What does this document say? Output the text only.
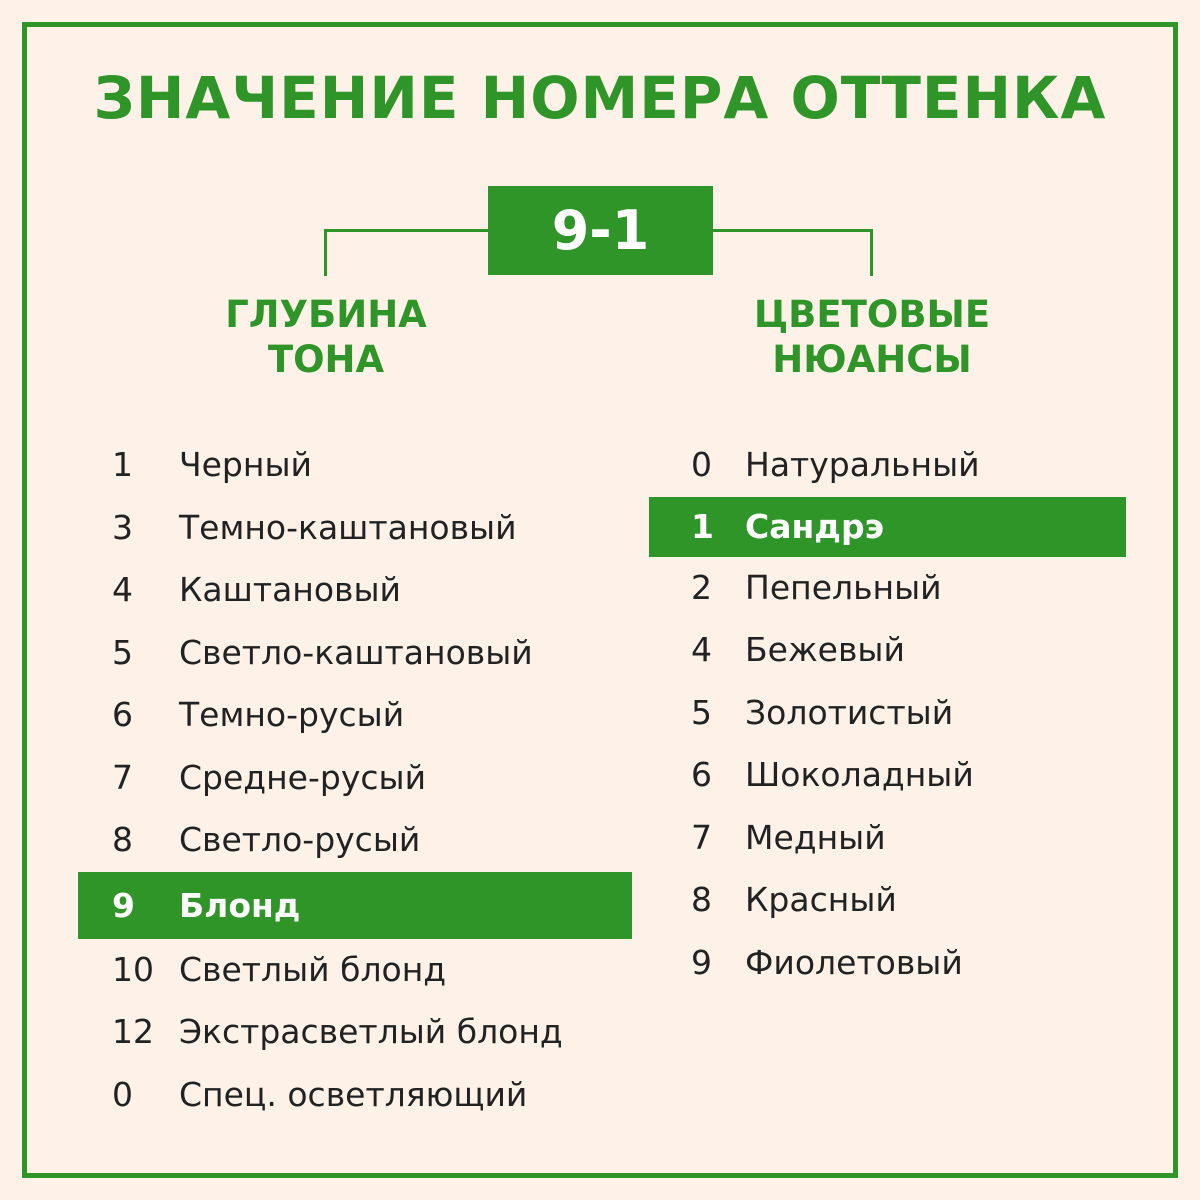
ЗНАЧЕНИЕ НОМЕРА ОТТЕНКА
9-1
ГЛУБИНА
ТОНА
ЦВЕТОВЫЕ
НЮАНСЫ
1 Черный
3 Темно-каштановый
4 Каштановый
5 Светло-каштановый
6 Темно-русый
7 Средне-русый
8 Светло-русый
9 Блонд
10 Светлый блонд
12 Экстрасветлый блонд
0 Спец. осветляющий
0 Натуральный
1 Сандрэ
2 Пепельный
4 Бежевый
5 Золотистый
6 Шоколадный
7 Медный
8 Красный
9 Фиолетовый
